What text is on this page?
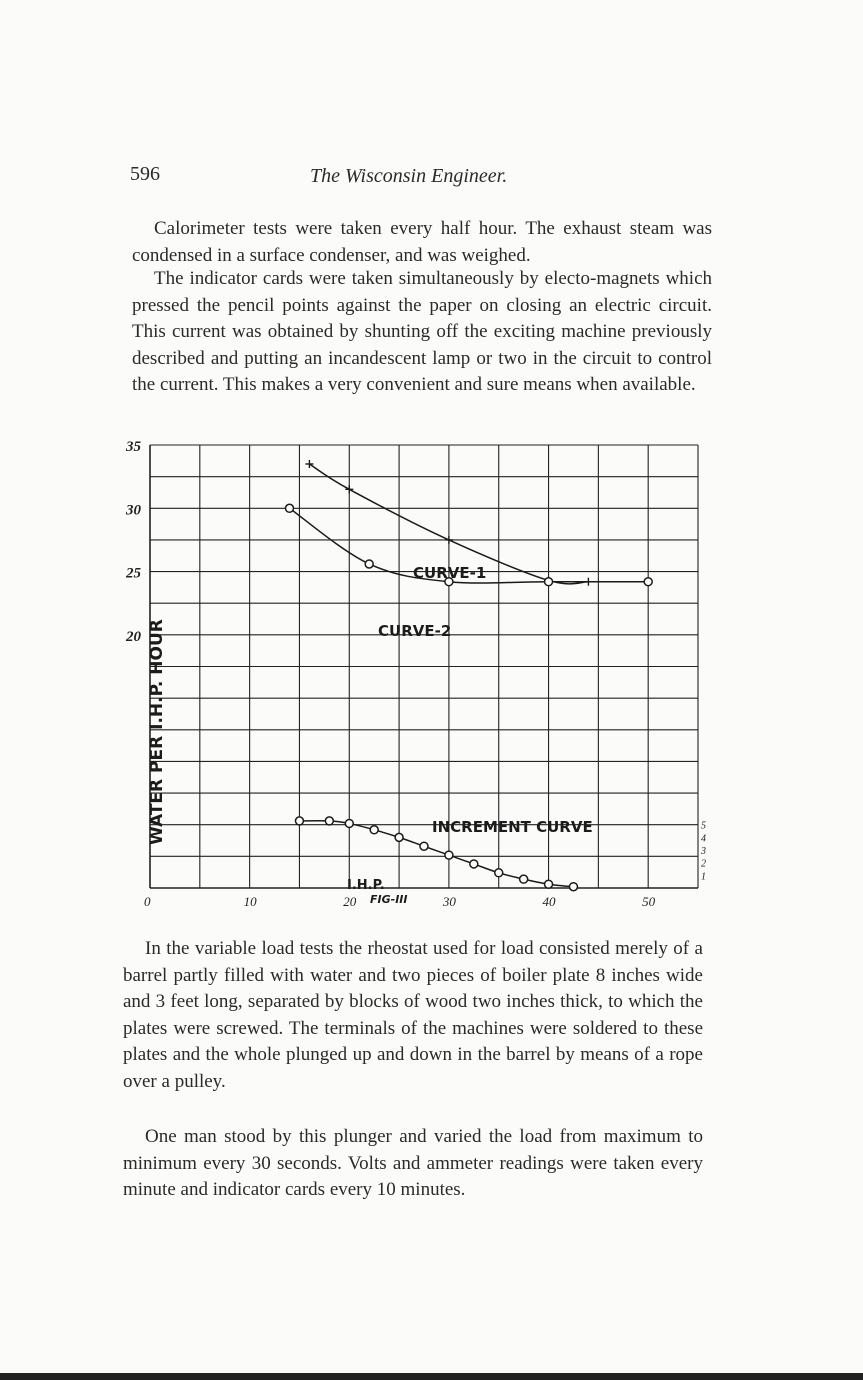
596	The Wisconsin Engineer.

Calorimeter tests were taken every half hour. The exhaust steam was condensed in a surface condenser, and was weighed.

The indicator cards were taken simultaneously by electo-magnets which pressed the pencil points against the paper on closing an electric circuit. This current was obtained by shunting off the exciting machine previously described and putting an incandescent lamp or two in the circuit to control the current. This makes a very convenient and sure means when available.

0	10	20	30	40	50
20
25
30
35
1
2
3
4
5
WATER PER I.H.P. HOUR
I.H.P.
FIG-III
CURVE-1
CURVE-2
INCREMENT CURVE

In the variable load tests the rheostat used for load consisted merely of a barrel partly filled with water and two pieces of boiler plate 8 inches wide and 3 feet long, separated by blocks of wood two inches thick, to which the plates were screwed. The terminals of the machines were soldered to these plates and the whole plunged up and down in the barrel by means of a rope over a pulley.

One man stood by this plunger and varied the load from maximum to minimum every 30 seconds. Volts and ammeter readings were taken every minute and indicator cards every 10 minutes.
